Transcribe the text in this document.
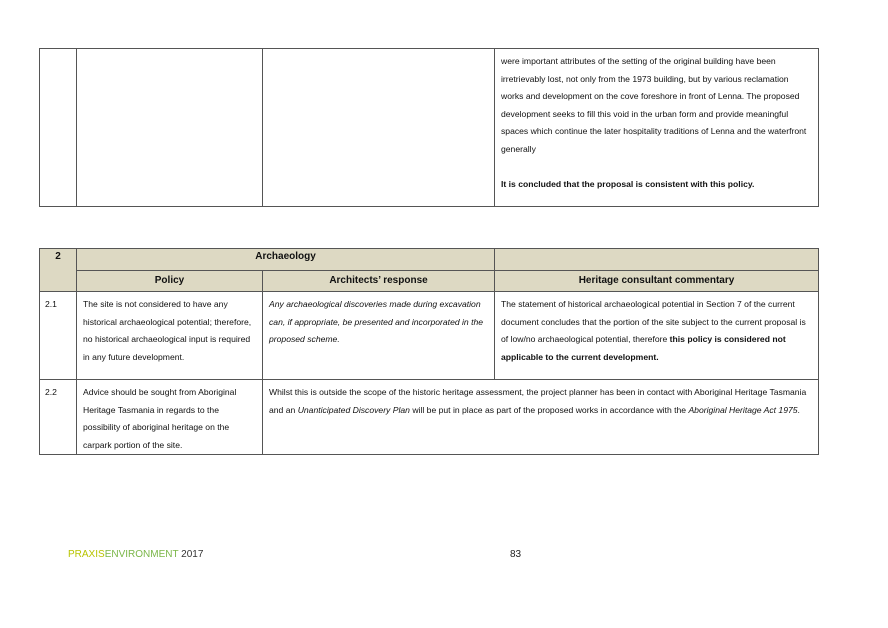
were important attributes of the setting of the original building have been irretrievably lost, not only from the 1973 building, but by various reclamation works and development on the cove foreshore in front of Lenna. The proposed development seeks to fill this void in the urban form and provide meaningful spaces which continue the later hospitality traditions of Lenna and the waterfront generally
It is concluded that the proposal is consistent with this policy.
2	Archaeology		
	Policy	Architects’ response	Heritage consultant commentary

2.1	The site is not considered to have any historical archaeological potential; therefore, no historical archaeological input is required in any future development.	Any archaeological discoveries made during excavation can, if appropriate, be presented and incorporated in the proposed scheme.	The statement of historical archaeological potential in Section 7 of the current document concludes that the portion of the site subject to the current proposal is of low/no archaeological potential, therefore this policy is considered not applicable to the current development.

2.2	Advice should be sought from Aboriginal Heritage Tasmania in regards to the possibility of aboriginal heritage on the carpark portion of the site.	Whilst this is outside the scope of the historic heritage assessment, the project planner has been in contact with Aboriginal Heritage Tasmania and an Unanticipated Discovery Plan will be put in place as part of the proposed works in accordance with the Aboriginal Heritage Act 1975.	
PRAXISENVIRONMENT 2017	83
